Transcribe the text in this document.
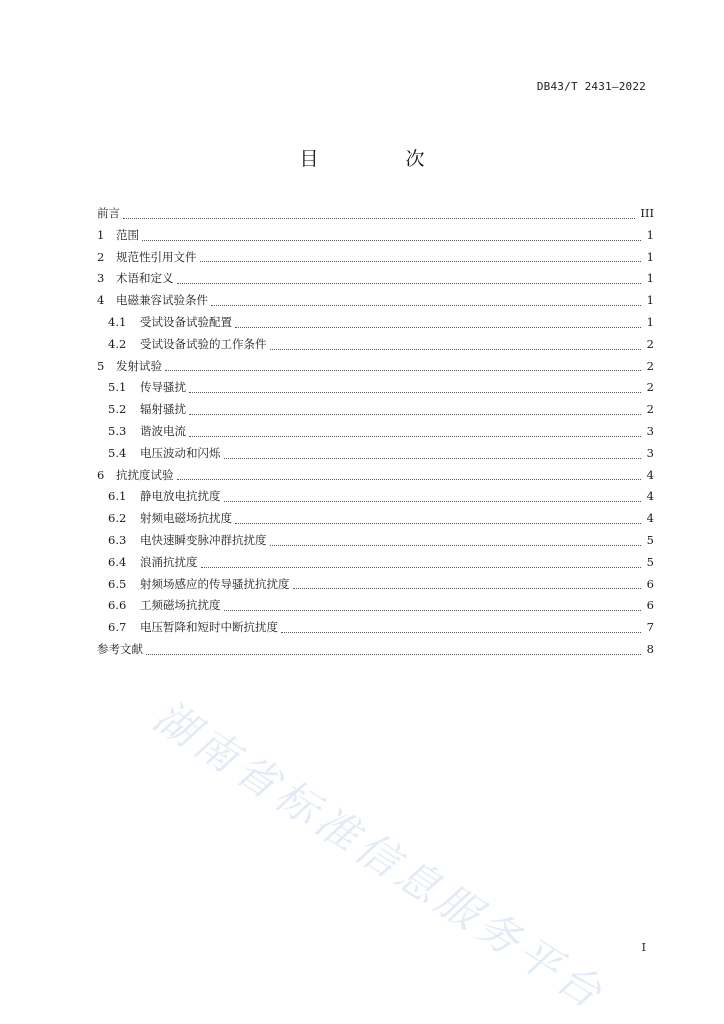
DB43/T 2431—2022
目　次
前言	III
1	范围	1
2	规范性引用文件	1
3	术语和定义	1
4	电磁兼容试验条件	1
4.1	受试设备试验配置	1
4.2	受试设备试验的工作条件	2
5	发射试验	2
5.1	传导骚扰	2
5.2	辐射骚扰	2
5.3	谐波电流	3
5.4	电压波动和闪烁	3
6	抗扰度试验	4
6.1	静电放电抗扰度	4
6.2	射频电磁场抗扰度	4
6.3	电快速瞬变脉冲群抗扰度	5
6.4	浪涌抗扰度	5
6.5	射频场感应的传导骚扰抗扰度	6
6.6	工频磁场抗扰度	6
6.7	电压暂降和短时中断抗扰度	7
参考文献	8
湖南省标准信息服务平台	I
